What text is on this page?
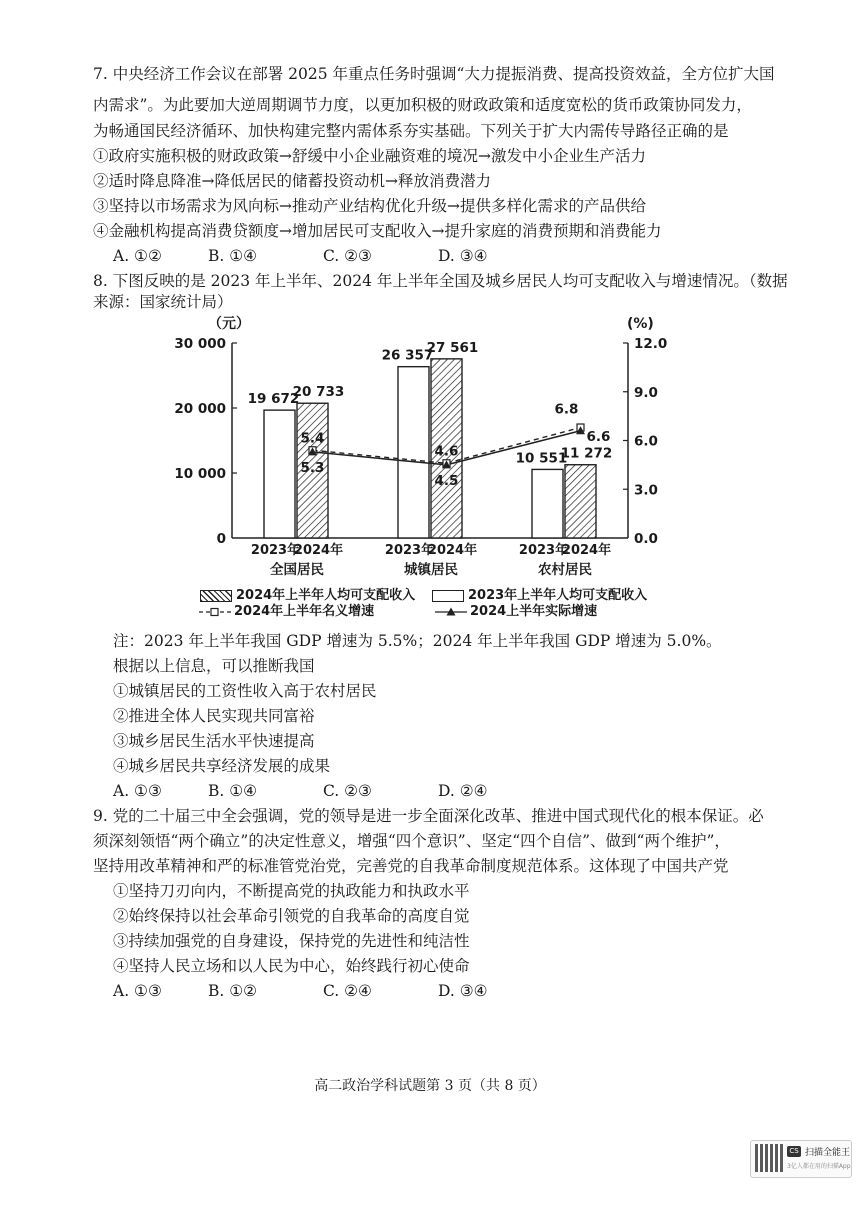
7. 中央经济工作会议在部署 2025 年重点任务时强调“大力提振消费、提高投资效益，全方位扩大国
内需求”。为此要加大逆周期调节力度，以更加积极的财政政策和适度宽松的货币政策协同发力，
为畅通国民经济循环、加快构建完整内需体系夯实基础。下列关于扩大内需传导路径正确的是
①政府实施积极的财政政策→舒缓中小企业融资难的境况→激发中小企业生产活力
②适时降息降准→降低居民的储蓄投资动机→释放消费潜力
③坚持以市场需求为风向标→推动产业结构优化升级→提供多样化需求的产品供给
④金融机构提高消费贷额度→增加居民可支配收入→提升家庭的消费预期和消费能力
A. ①②	B. ①④	C. ②③	D. ③④
8. 下图反映的是 2023 年上半年、2024 年上半年全国及城乡居民人均可支配收入与增速情况。（数据
来源：国家统计局）
（元）	(%)
0
10 000
20 000
30 000
0.0
3.0
6.0
9.0
12.0
19 672
20 733
2023年
2024年
全国居民
26 357
27 561
2023年
2024年
城镇居民
10 551
11 272
2023年
2024年
农村居民
5.4
5.3
4.6
4.5
6.8
6.6
2024年上半年人均可支配收入	2023年上半年人均可支配收入
2024年上半年名义增速	2024上半年实际增速
注：2023 年上半年我国 GDP 增速为 5.5%；2024 年上半年我国 GDP 增速为 5.0%。
根据以上信息，可以推断我国
①城镇居民的工资性收入高于农村居民
②推进全体人民实现共同富裕
③城乡居民生活水平快速提高
④城乡居民共享经济发展的成果
A. ①③	B. ①④	C. ②③	D. ②④
9. 党的二十届三中全会强调，党的领导是进一步全面深化改革、推进中国式现代化的根本保证。必
须深刻领悟“两个确立”的决定性意义，增强“四个意识”、坚定“四个自信”、做到“两个维护”，
坚持用改革精神和严的标准管党治党，完善党的自我革命制度规范体系。这体现了中国共产党
①坚持刀刃向内，不断提高党的执政能力和执政水平
②始终保持以社会革命引领党的自我革命的高度自觉
③持续加强党的自身建设，保持党的先进性和纯洁性
④坚持人民立场和以人民为中心，始终践行初心使命
A. ①③	B. ①②	C. ②④	D. ③④
高二政治学科试题第 3 页（共 8 页）
CS 扫描全能王
3亿人都在用的扫描App
